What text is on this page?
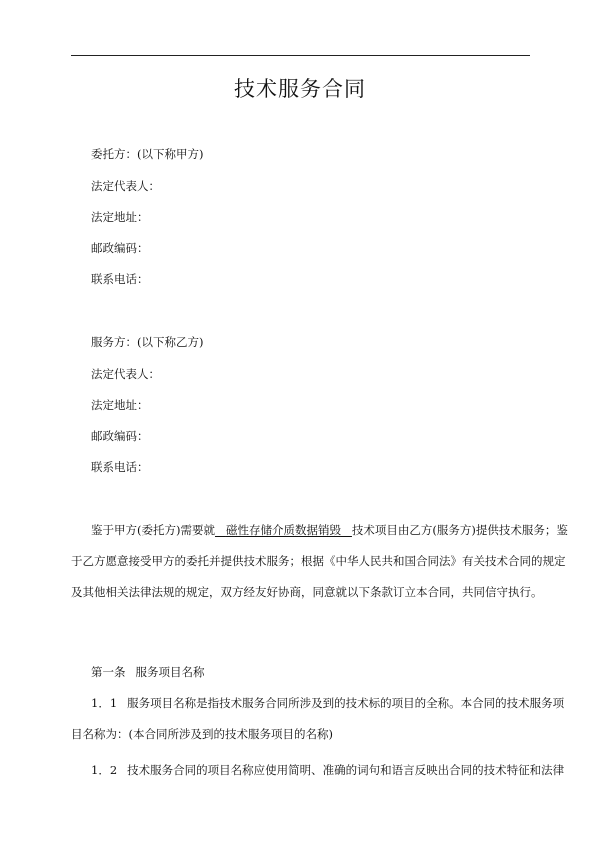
技术服务合同
委托方：(以下称甲方)
法定代表人：
法定地址：
邮政编码：
联系电话：
服务方：(以下称乙方)
法定代表人：
法定地址：
邮政编码：
联系电话：
鉴于甲方(委托方)需要就 磁性存储介质数据销毁 技术项目由乙方(服务方)提供技术服务；鉴
于乙方愿意接受甲方的委托并提供技术服务；根据《中华人民共和国合同法》有关技术合同的规定
及其他相关法律法规的规定，双方经友好协商，同意就以下条款订立本合同，共同信守执行。
第一条 服务项目名称
1．1 服务项目名称是指技术服务合同所涉及到的技术标的项目的全称。本合同的技术服务项
目名称为：(本合同所涉及到的技术服务项目的名称)
1．2 技术服务合同的项目名称应使用简明、准确的词句和语言反映出合同的技术特征和法律
